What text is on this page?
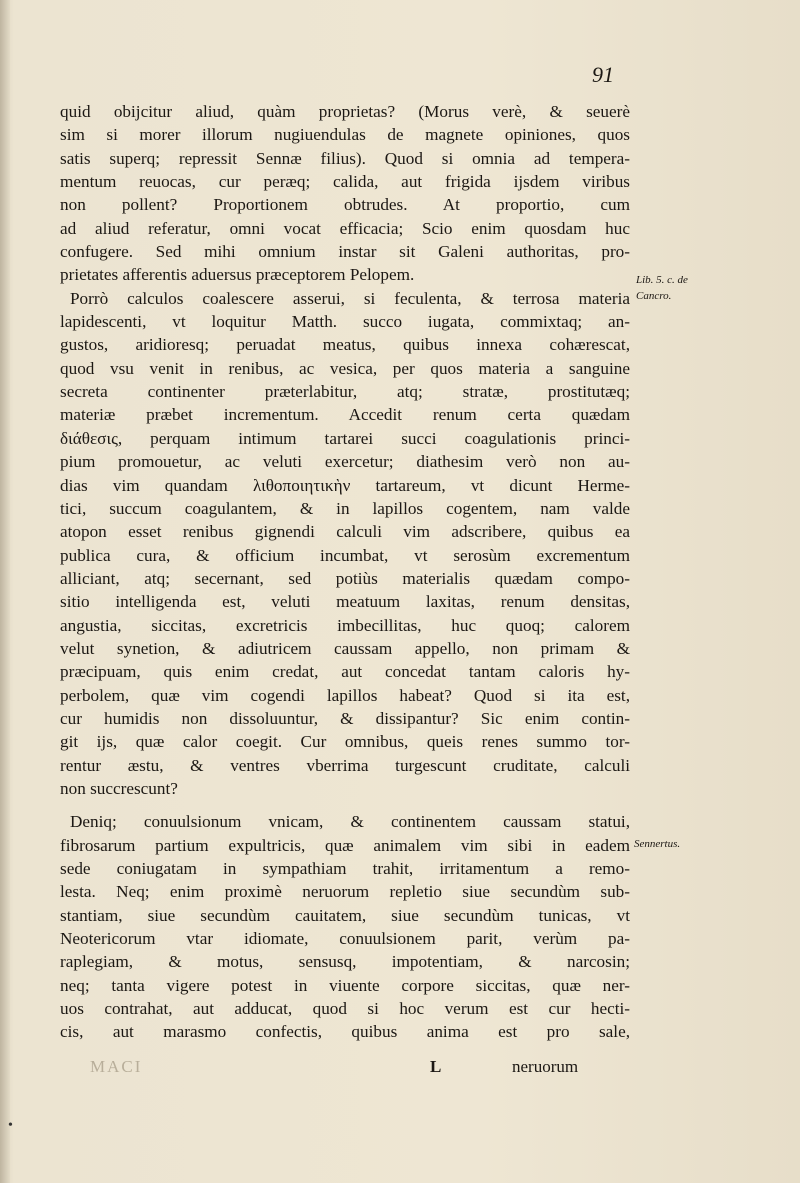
91
quid obijcitur aliud, quàm proprietas? (Morus verè, & seuerè
sim si morer illorum nugiuendulas de magnete opiniones, quos
satis superq; repressit Sennæ filius). Quod si omnia ad tempera-
mentum reuocas, cur peræq; calida, aut frigida ijsdem viribus
non pollent? Proportionem obtrudes. At proportio, cum
ad aliud referatur, omni vocat efficacia; Scio enim quosdam huc
confugere. Sed mihi omnium instar sit Galeni authoritas, pro-
prietates afferentis aduersus præceptorem Pelopem.
Porrò calculos coalescere asserui, si feculenta, & terrosa materia
lapidescenti, vt loquitur Matth. succo iugata, commixtaq; an-
gustos, aridioresq; peruadat meatus, quibus innexa cohærescat,
quod vsu venit in renibus, ac vesica, per quos materia a sanguine
secreta continenter præterlabitur, atq; stratæ, prostitutæq;
materiæ præbet incrementum. Accedit renum certa quædam
διάθεσις, perquam intimum tartarei succi coagulationis princi-
pium promouetur, ac veluti exercetur; diathesim verò non au-
dias vim quandam λιθοποιητικὴν tartareum, vt dicunt Herme-
tici, succum coagulantem, & in lapillos cogentem, nam valde
atopon esset renibus gignendi calculi vim adscribere, quibus ea
publica cura, & officium incumbat, vt serosùm excrementum
alliciant, atq; secernant, sed potiùs materialis quædam compo-
sitio intelligenda est, veluti meatuum laxitas, renum densitas,
angustia, siccitas, excretricis imbecillitas, huc quoq; calorem
velut synetion, & adiutricem caussam appello, non primam &
præcipuam, quis enim credat, aut concedat tantam caloris hy-
perbolem, quæ vim cogendi lapillos habeat? Quod si ita est,
cur humidis non dissoluuntur, & dissipantur? Sic enim contin-
git ijs, quæ calor coegit. Cur omnibus, queis renes summo tor-
rentur æstu, & ventres vberrima turgescunt cruditate, calculi
non succrescunt?
Deniq; conuulsionum vnicam, & continentem caussam statui,
fibrosarum partium expultricis, quæ animalem vim sibi in eadem
sede coniugatam in sympathiam trahit, irritamentum a remo-
lesta. Neq; enim proximè neruorum repletio siue secundùm sub-
stantiam, siue secundùm cauitatem, siue secundùm tunicas, vt
Neotericorum vtar idiomate, conuulsionem parit, verùm pa-
raplegiam, & motus, sensusq, impotentiam, & narcosin;
neq; tanta vigere potest in viuente corpore siccitas, quæ ner-
uos contrahat, aut adducat, quod si hoc verum est cur hecti-
cis, aut marasmo confectis, quibus anima est pro sale,
Lib. 5. c. de
Cancro.
Sennertus.
MACI	L	neruorum
•
